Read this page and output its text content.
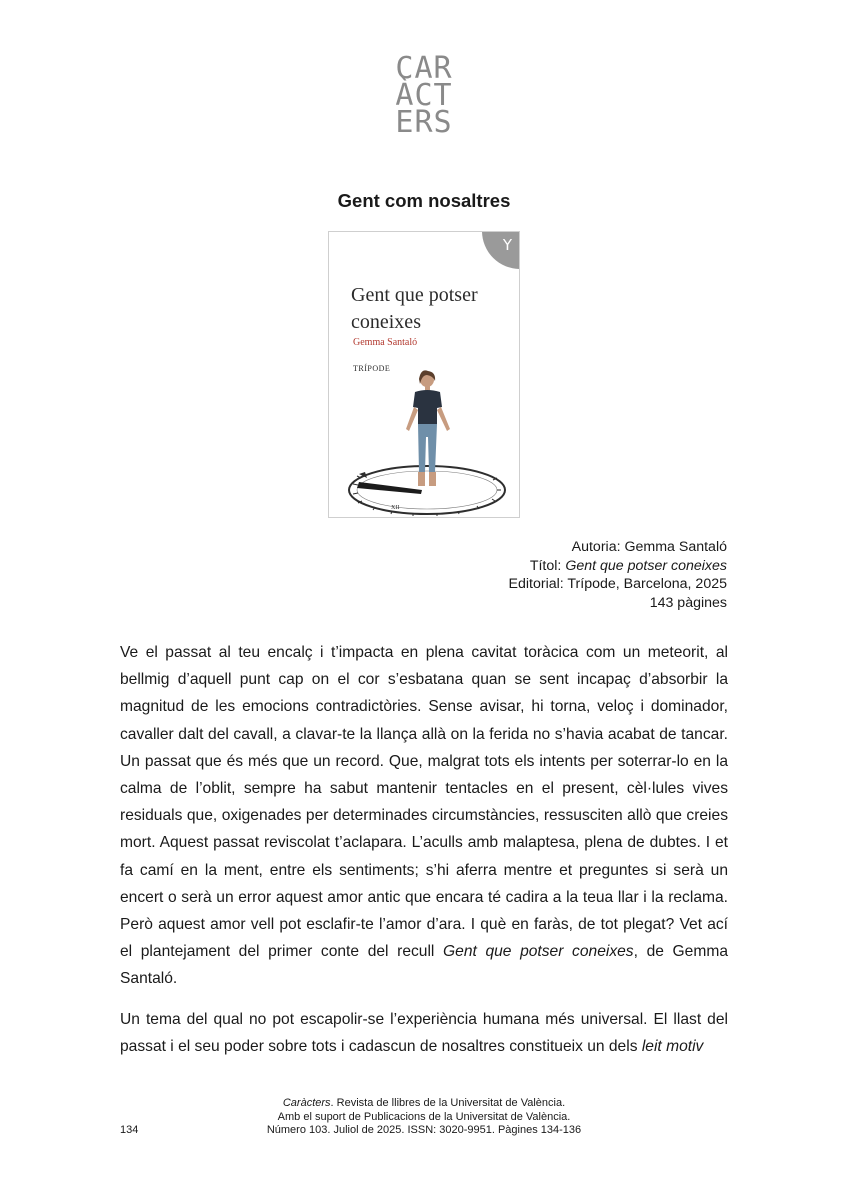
CAR
ÀCT
ERS
Gent com nosaltres
Y
Gent que potser
coneixes
Gemma Santaló
TRÍPODE
XII
Autoria: Gemma Santaló
Títol: Gent que potser coneixes
Editorial: Trípode, Barcelona, 2025
143 pàgines

Ve el passat al teu encalç i t’impacta en plena cavitat toràcica com un meteorit, al bellmig d’aquell punt cap on el cor s’esbatana quan se sent incapaç d’absorbir la magnitud de les emocions contradictòries. Sense avisar, hi torna, veloç i dominador, cavaller dalt del cavall, a clavar-te la llança allà on la ferida no s’havia acabat de tancar. Un passat que és més que un record. Que, malgrat tots els intents per soterrar-lo en la calma de l’oblit, sempre ha sabut mantenir tentacles en el present, cèl·lules vives residuals que, oxigenades per determinades circumstàncies, ressusciten allò que creies mort. Aquest passat reviscolat t’aclapara. L’aculls amb malaptesa, plena de dubtes. I et fa camí en la ment, entre els sentiments; s’hi aferra mentre et preguntes si serà un encert o serà un error aquest amor antic que encara té cadira a la teua llar i la reclama. Però aquest amor vell pot esclafir-te l’amor d’ara. I què en faràs, de tot plegat? Vet ací el plantejament del primer conte del recull Gent que potser coneixes, de Gemma Santaló.

Un tema del qual no pot escapolir-se l’experiència humana més universal. El llast del passat i el seu poder sobre tots i cadascun de nosaltres constitueix un dels leit motiv

Caràcters. Revista de llibres de la Universitat de València.
Amb el suport de Publicacions de la Universitat de València.
Número 103. Juliol de 2025. ISSN: 3020-9951. Pàgines 134-136
134
